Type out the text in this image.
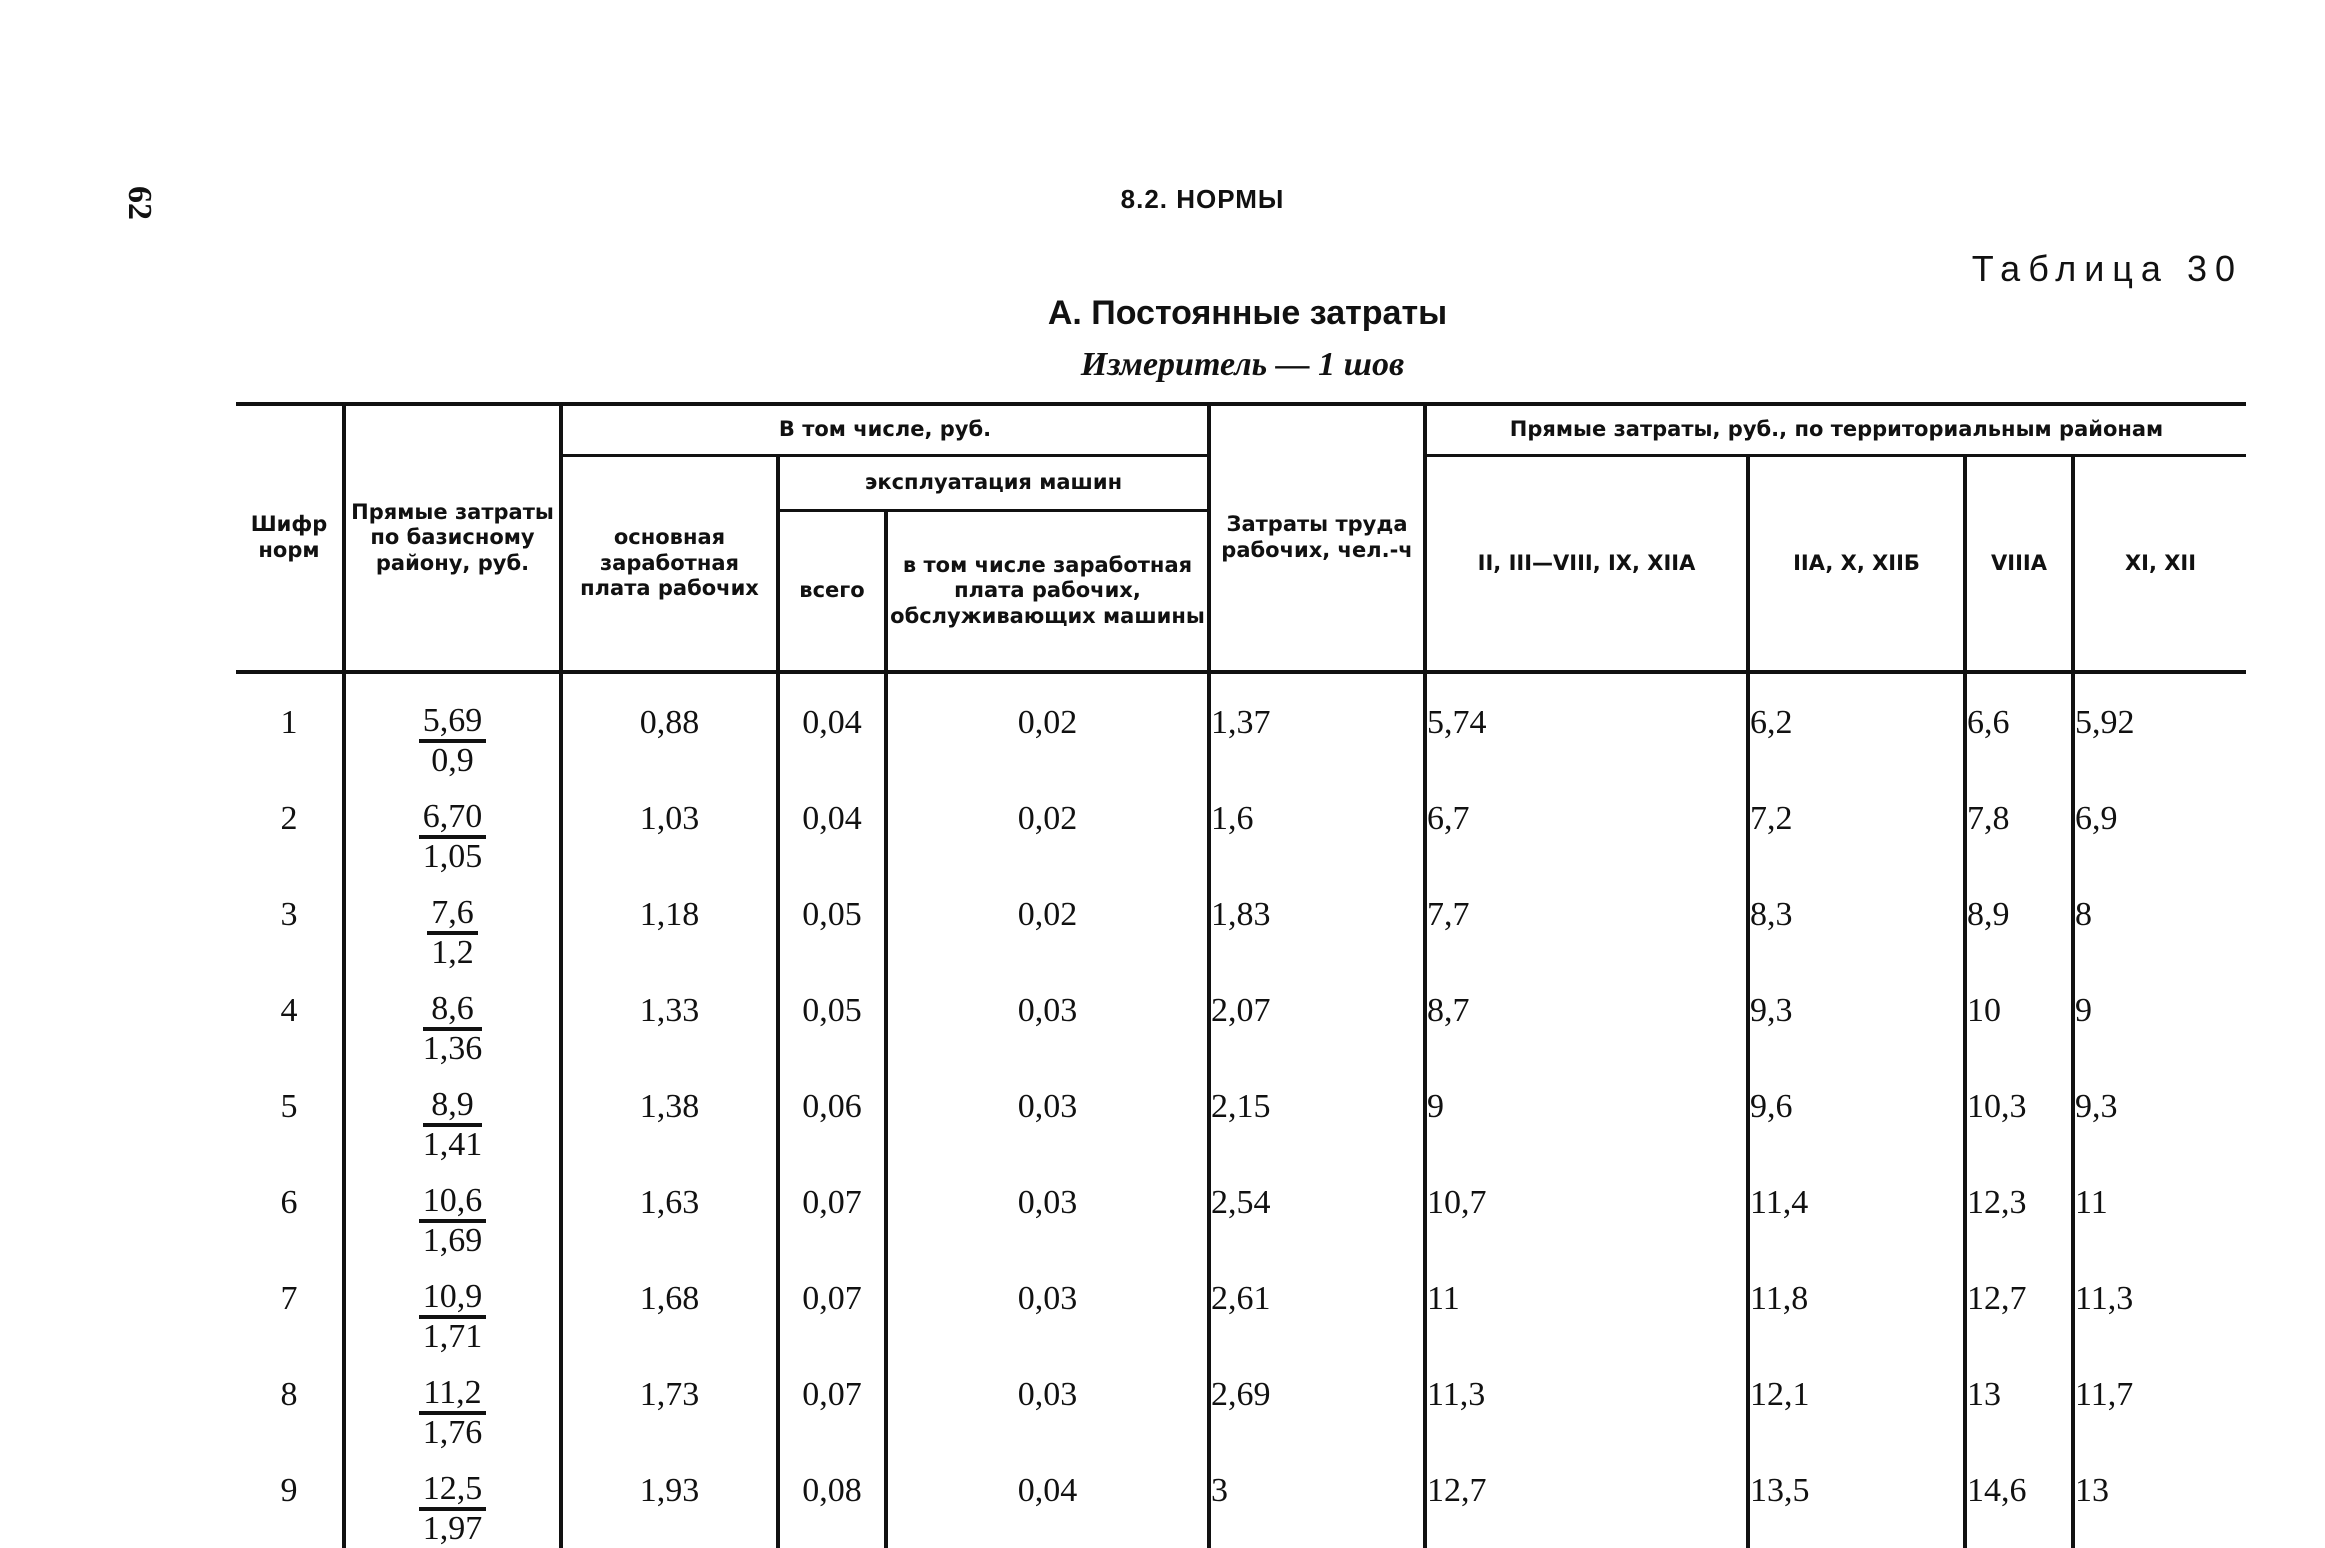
62	8.2. НОРМЫ
Таблица 30
А. Постоянные затраты
Измеритель — 1 шов
Шифр норм	Прямые затраты по базисному району, руб.	В том числе, руб.			Затраты труда рабочих, чел.-ч	Прямые затраты, руб., по территориальным районам			
		основная заработная плата рабочих	эксплуатация машин			II, III—VIII, IX, XIIA	IIA, X, XIIБ	VIIIA	XI, XII
			всего	в том числе заработная плата рабочих, обслуживающих машины					
1	$\frac{5,69}{0,9}$	0,88	0,04	0,02	1,37	5,74	6,2	6,6	5,92
2	$\frac{6,70}{1,05}$	1,03	0,04	0,02	1,6	6,7	7,2	7,8	6,9
3	$\frac{7,6}{1,2}$	1,18	0,05	0,02	1,83	7,7	8,3	8,9	8
4	$\frac{8,6}{1,36}$	1,33	0,05	0,03	2,07	8,7	9,3	10	9
5	$\frac{8,9}{1,41}$	1,38	0,06	0,03	2,15	9	9,6	10,3	9,3
6	$\frac{10,6}{1,69}$	1,63	0,07	0,03	2,54	10,7	11,4	12,3	11
7	$\frac{10,9}{1,71}$	1,68	0,07	0,03	2,61	11	11,8	12,7	11,3
8	$\frac{11,2}{1,76}$	1,73	0,07	0,03	2,69	11,3	12,1	13	11,7
9	$\frac{12,5}{1,97}$	1,93	0,08	0,04	3	12,7	13,5	14,6	13
